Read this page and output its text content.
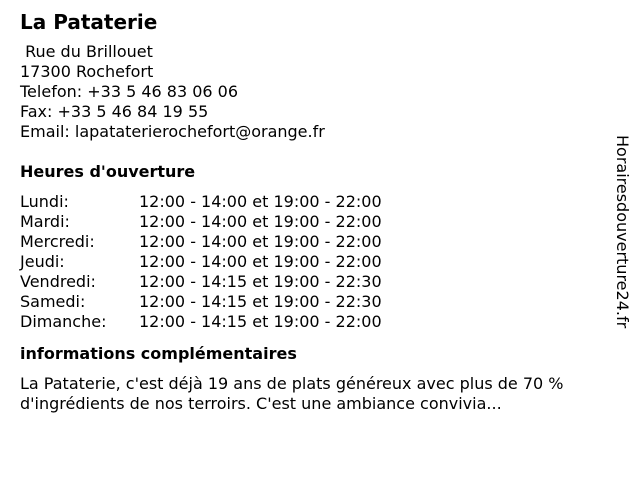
La Pataterie
Rue du Brillouet
17300 Rochefort
Telefon: +33 5 46 83 06 06
Fax: +33 5 46 84 19 55
Email: lapataterierochefort@orange.fr
Heures d'ouverture
Lundi:	12:00 - 14:00 et 19:00 - 22:00
Mardi:	12:00 - 14:00 et 19:00 - 22:00
Mercredi:	12:00 - 14:00 et 19:00 - 22:00
Jeudi:	12:00 - 14:00 et 19:00 - 22:00
Vendredi:	12:00 - 14:15 et 19:00 - 22:30
Samedi:	12:00 - 14:15 et 19:00 - 22:30
Dimanche:	12:00 - 14:15 et 19:00 - 22:00
informations complémentaires
La Pataterie, c'est déjà 19 ans de plats généreux avec plus de 70 % d'ingrédients de nos terroirs. C'est une ambiance convivia...
Horairesdouverture24.fr
